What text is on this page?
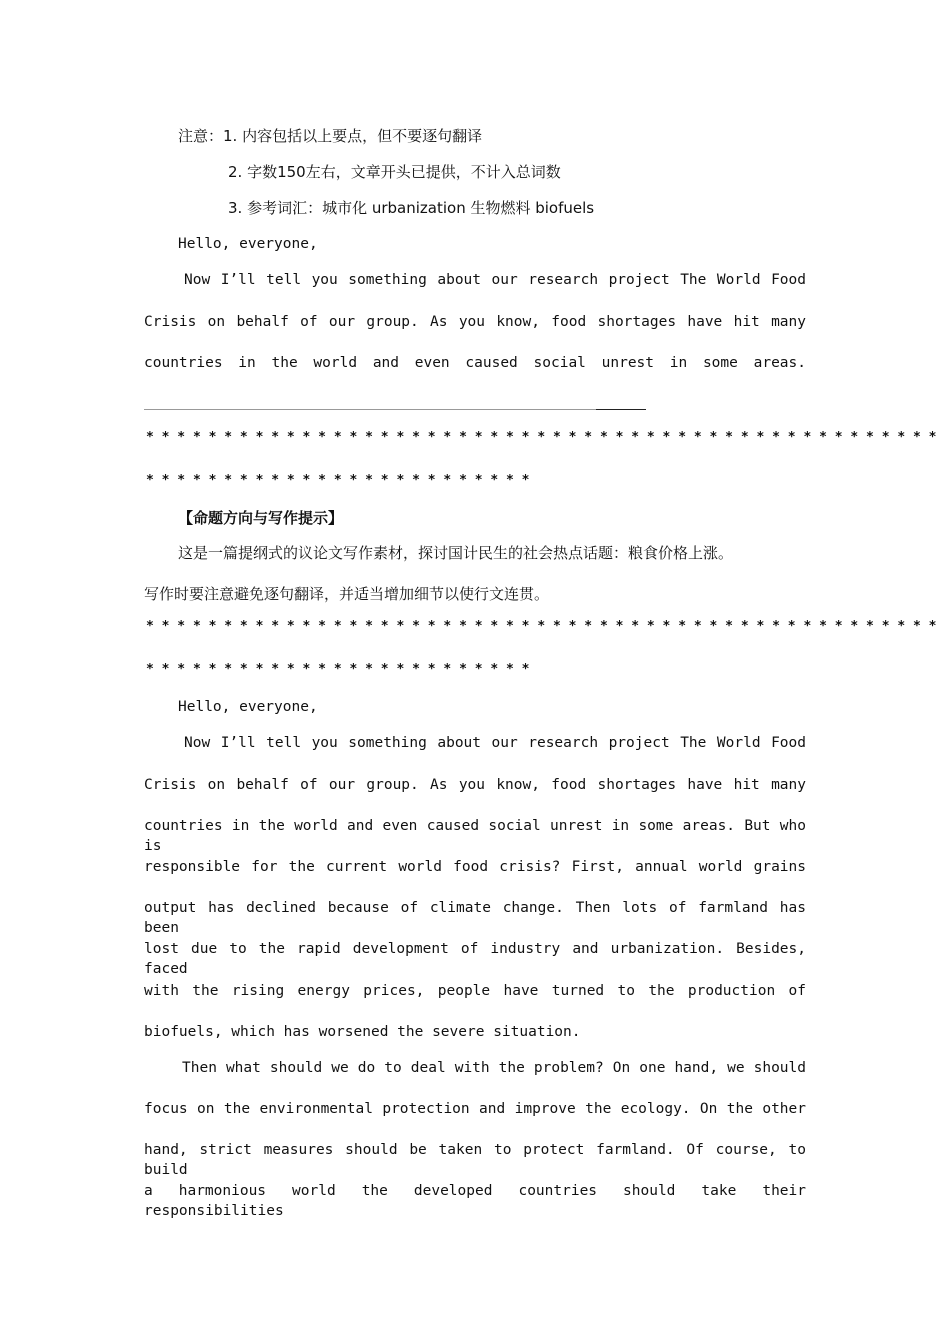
注意：1. 内容包括以上要点，但不要逐句翻译
2. 字数150左右，文章开头已提供，不计入总词数
3. 参考词汇：城市化 urbanization 生物燃料 biofuels
Hello, everyone,
Now I’ll tell you something about our research project The World Food
Crisis on behalf of our group. As you know, food shortages have hit many
countries in the world and even caused social unrest in some areas.
* * * * * * * * * * * * * * * * * * * * * * * * * * * * * * * * * * * * * * * * * * * * * * * * * * *
* * * * * * * * * * * * * * * * * * * * * * * * *
【命题方向与写作提示】
这是一篇提纲式的议论文写作素材，探讨国计民生的社会热点话题：粮食价格上涨。
写作时要注意避免逐句翻译，并适当增加细节以使行文连贯。
* * * * * * * * * * * * * * * * * * * * * * * * * * * * * * * * * * * * * * * * * * * * * * * * * * *
* * * * * * * * * * * * * * * * * * * * * * * * *
Hello, everyone,
Now I’ll tell you something about our research project The World Food
Crisis on behalf of our group. As you know, food shortages have hit many
countries in the world and even caused social unrest in some areas. But who is
responsible for the current world food crisis? First, annual world grains
output has declined because of climate change. Then lots of farmland has been
lost due to the rapid development of industry and urbanization. Besides, faced
with the rising energy prices, people have turned to the production of
biofuels, which has worsened the severe situation.
Then what should we do to deal with the problem? On one hand, we should
focus on the environmental protection and improve the ecology. On the other
hand, strict measures should be taken to protect farmland. Of course, to build
a harmonious world the developed countries should take their responsibilities
